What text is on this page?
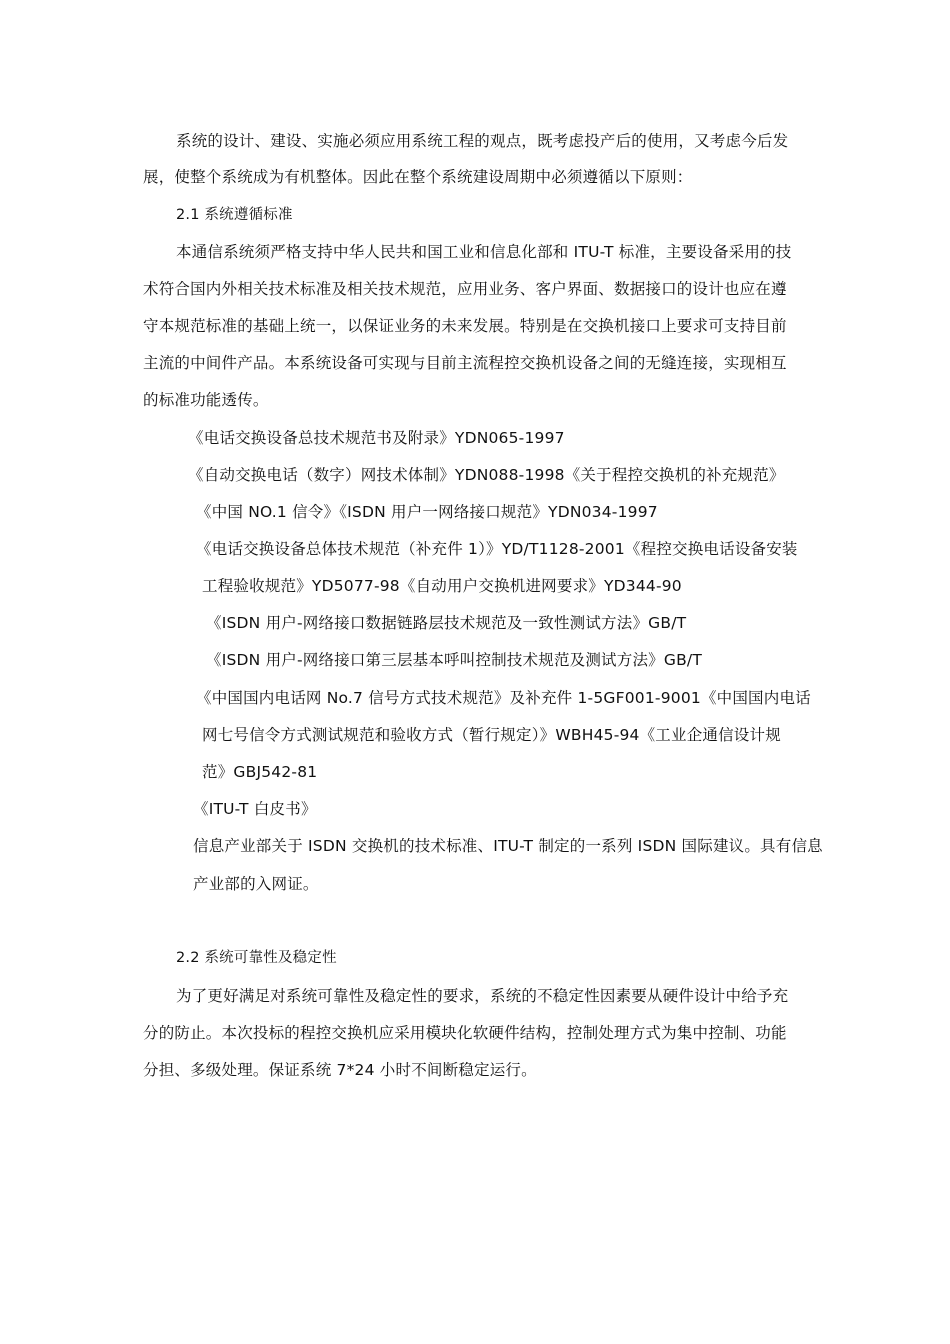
系统的设计、建设、实施必须应用系统工程的观点，既考虑投产后的使用，又考虑今后发
展，使整个系统成为有机整体。因此在整个系统建设周期中必须遵循以下原则：
2.1 系统遵循标准
本通信系统须严格支持中华人民共和国工业和信息化部和 ITU-T 标准，主要设备采用的技
术符合国内外相关技术标准及相关技术规范，应用业务、客户界面、数据接口的设计也应在遵
守本规范标准的基础上统一，以保证业务的未来发展。特别是在交换机接口上要求可支持目前
主流的中间件产品。本系统设备可实现与目前主流程控交换机设备之间的无缝连接，实现相互
的标准功能透传。
《电话交换设备总技术规范书及附录》YDN065-1997
《自动交换电话（数字）网技术体制》YDN088-1998《关于程控交换机的补充规范》
《中国 NO.1 信令》《ISDN 用户一网络接口规范》YDN034-1997
《电话交换设备总体技术规范（补充件 1）》YD/T1128-2001《程控交换电话设备安装
工程验收规范》YD5077-98《自动用户交换机进网要求》YD344-90
《ISDN 用户-网络接口数据链路层技术规范及一致性测试方法》GB/T
《ISDN 用户-网络接口第三层基本呼叫控制技术规范及测试方法》GB/T
《中国国内电话网 No.7 信号方式技术规范》及补充件 1-5GF001-9001《中国国内电话
网七号信令方式测试规范和验收方式（暂行规定）》WBH45-94《工业企通信设计规
范》GBJ542-81
《ITU-T 白皮书》
信息产业部关于 ISDN 交换机的技术标准、ITU-T 制定的一系列 ISDN 国际建议。具有信息
产业部的入网证。
2.2 系统可靠性及稳定性
为了更好满足对系统可靠性及稳定性的要求，系统的不稳定性因素要从硬件设计中给予充
分的防止。本次投标的程控交换机应采用模块化软硬件结构，控制处理方式为集中控制、功能
分担、多级处理。保证系统 7*24 小时不间断稳定运行。
